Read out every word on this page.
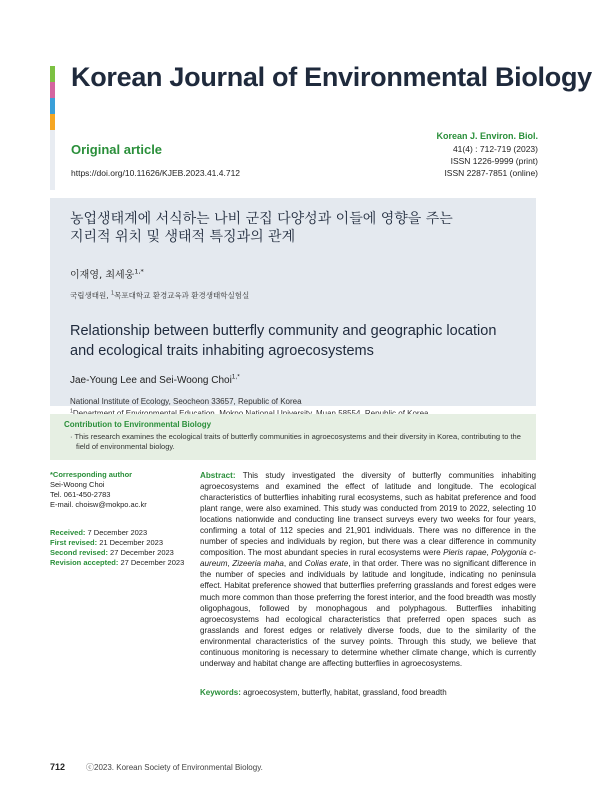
Korean Journal of Environmental Biology
Original article
https://doi.org/10.11626/KJEB.2023.41.4.712
Korean J. Environ. Biol.
41(4) : 712-719 (2023)
ISSN 1226-9999 (print)
ISSN 2287-7851 (online)
농업생태계에 서식하는 나비 군집 다양성과 이들에 영향을 주는
지리적 위치 및 생태적 특징과의 관계
이재영, 최세웅$^{1,*}$
국립생태원, $^1$목포대학교 환경교육과 환경생태학실험실
Relationship between butterfly community and geographic location
and ecological traits inhabiting agroecosystems
Jae-Young Lee and Sei-Woong Choi$^{1,*}$
National Institute of Ecology, Seocheon 33657, Republic of Korea
$^1$
Contribution to Environmental Biology
· This research examines the ecological traits of butterfly communities in agroecosystems and their diversity in Korea, contributing to the field of environmental biology.
*Corresponding author
Sei-Woong Choi
Tel. 061-450-2783
E-mail. choisw@mokpo.ac.kr
Received: 7 December 2023
First revised: 21 December 2023
Second revised: 27 December 2023
Revision accepted: 27 December 2023
Abstract: This study investigated the diversity of butterfly communities inhabiting agroecosystems and examined the effect of latitude and longitude. The ecological characteristics of butterflies inhabiting rural ecosystems, such as habitat preference and food plant range, were also examined. This study was conducted from 2019 to 2022, selecting 10 locations nationwide and conducting line transect surveys every two weeks for four years, confirming a total of 112 species and 21,901 individuals. There was no difference in the number of species and individuals by region, but there was a clear difference in community composition. The most abundant species in rural ecosystems were Pieris rapae, Polygonia c-aureum, Zizeeria maha, and Colias erate, in that order. There was no significant difference in the number of species and individuals by latitude and longitude, indicating no peninsula effect. Habitat preference showed that butterflies preferring grasslands and forest edges were much more common than those preferring the forest interior, and the food breadth was mostly oligophagous, followed by monophagous and polyphagous. Butterflies inhabiting agroecosystems had ecological characteristics that preferred open spaces such as grasslands and forest edges or relatively diverse foods, due to the similarity of the environmental characteristics of the survey points. Through this study, we believe that continuous monitoring is necessary to determine whether climate change, which is currently underway and habitat change are affecting butterflies in agroecosystems.
Keywords: agroecosystem, butterfly, habitat, grassland, food breadth
712	ⓒ2023. Korean Society of Environmental Biology.
